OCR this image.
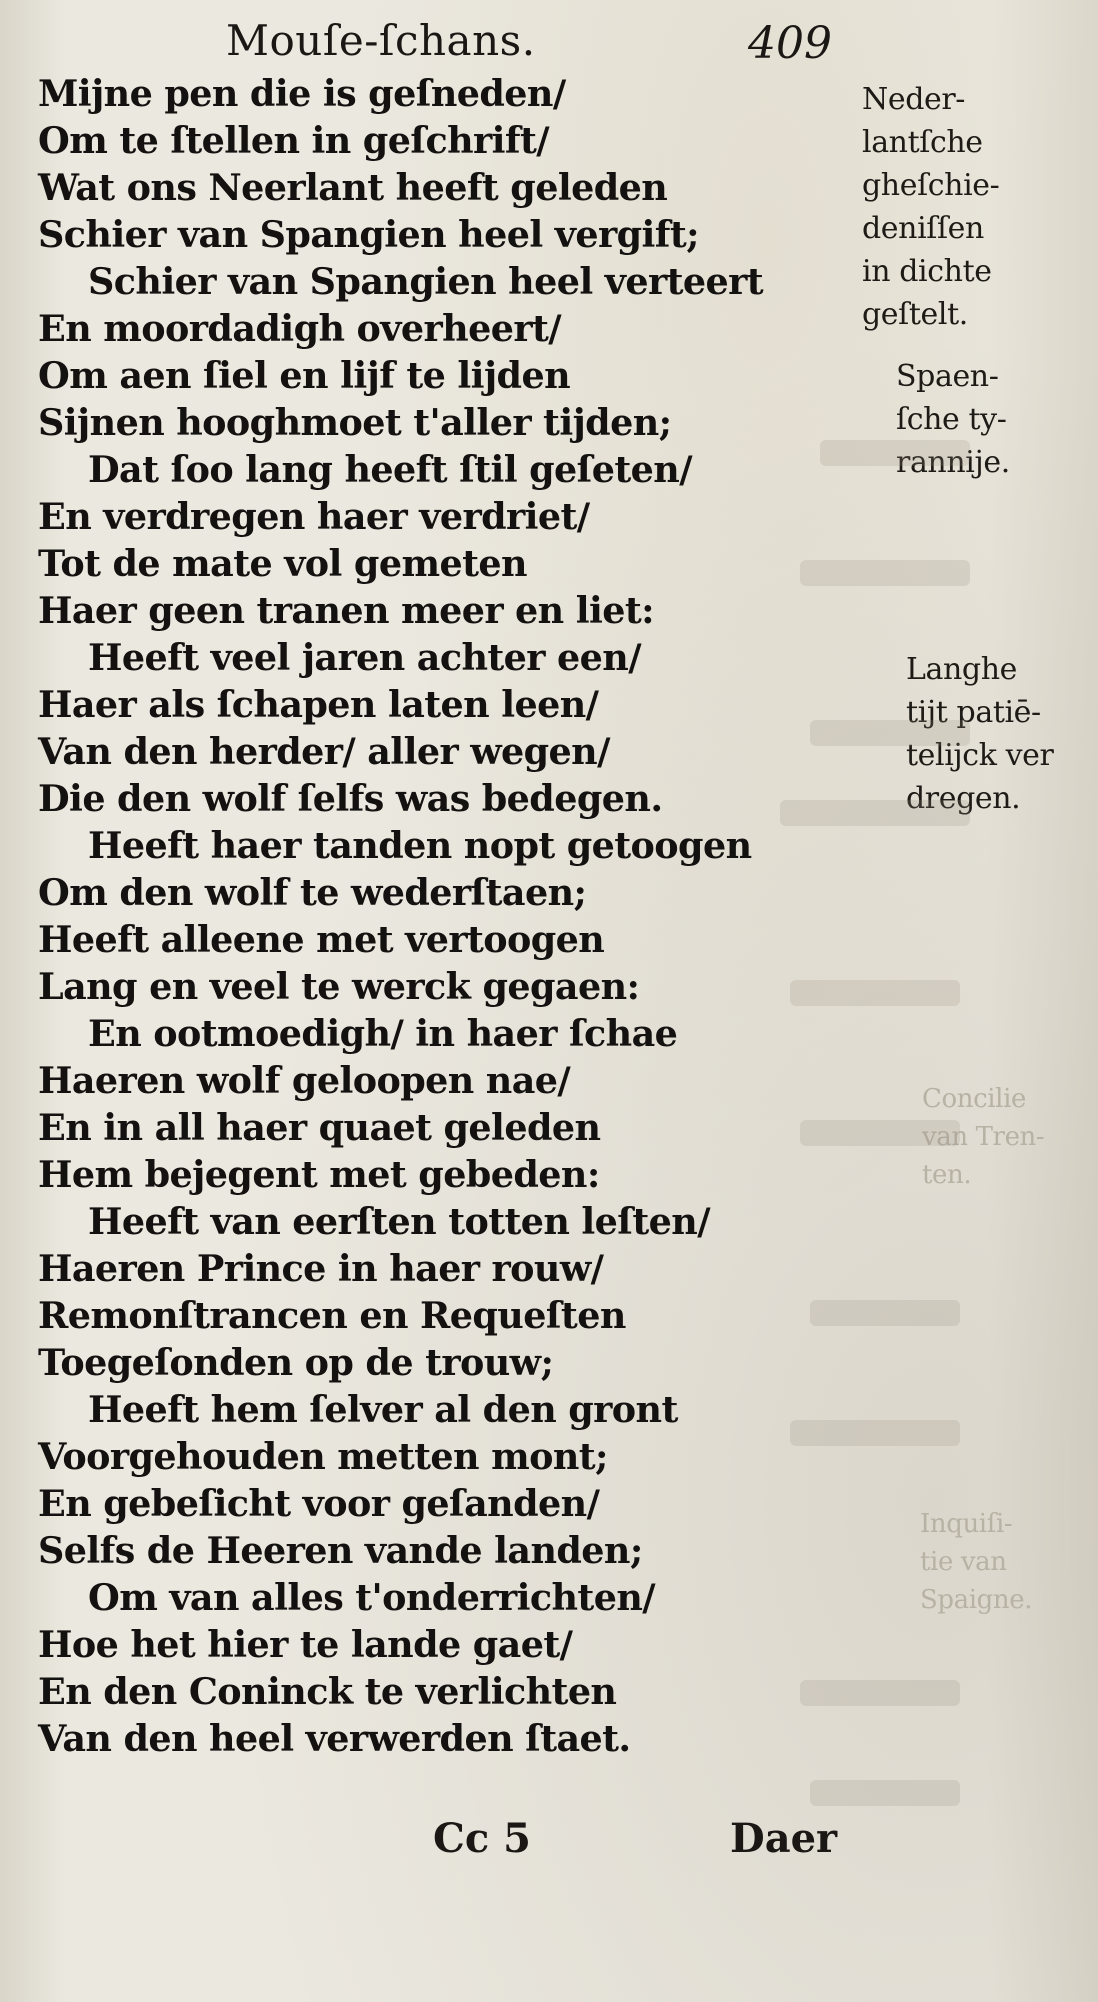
Mouſe-ſchans.	409
Mijne pen die is geſneden/
Om te ſtellen in geſchrift/
Wat ons Neerlant heeft geleden
Schier van Spangien heel vergift;
Schier van Spangien heel verteert
En moordadigh overheert/
Om aen ſiel en lijf te lijden
Sijnen hooghmoet t'aller tijden;
Dat ſoo lang heeft ſtil geſeten/
En verdregen haer verdriet/
Tot de mate vol gemeten
Haer geen tranen meer en liet:
Heeft veel jaren achter een/
Haer als ſchapen laten leen/
Van den herder/ aller wegen/
Die den wolf ſelfs was bedegen.
Heeft haer tanden nopt getoogen
Om den wolf te wederſtaen;
Heeft alleene met vertoogen
Lang en veel te werck gegaen:
En ootmoedigh/ in haer ſchae
Haeren wolf geloopen nae/
En in all haer quaet geleden
Hem bejegent met gebeden:
Heeft van eerſten totten leſten/
Haeren Prince in haer rouw/
Remonſtrancen en Requeſten
Toegeſonden op de trouw;
Heeft hem ſelver al den gront
Voorgehouden metten mont;
En gebeſicht voor geſanden/
Selfs de Heeren vande landen;
Om van alles t'onderrichten/
Hoe het hier te lande gaet/
En den Coninck te verlichten
Van den heel verwerden ſtaet.
Neder-
lantſche
gheſchie-
deniſſen
in dichte
geſtelt.
Spaen-
ſche ty-
rannije.
Langhe
tijt patiē-
telijck ver
dregen.
Concilie
van Tren-
ten.
Inquiſi-
tie van
Spaigne.
Cc 5	Daer
